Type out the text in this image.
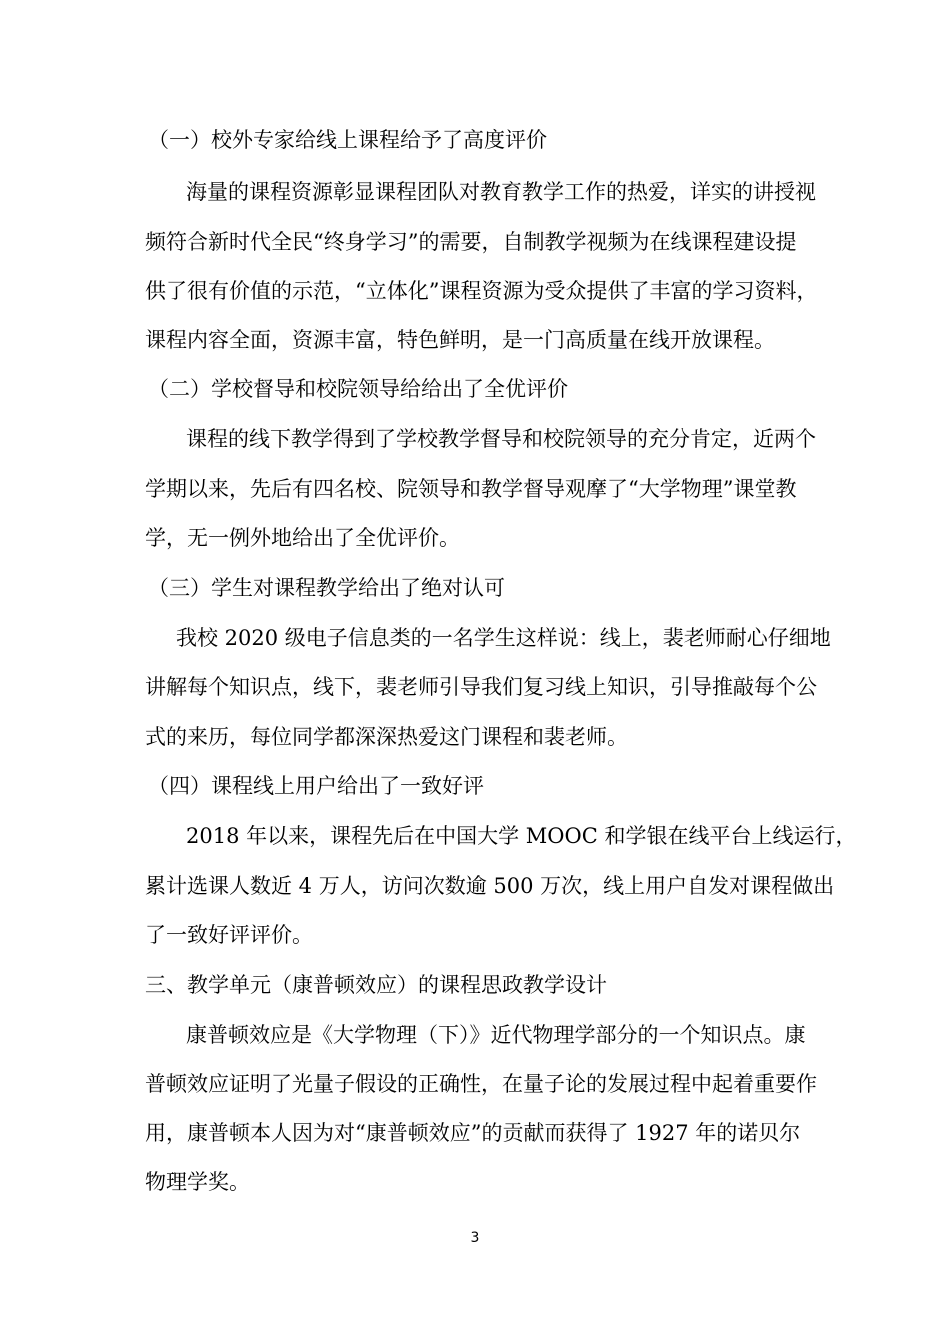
（一）校外专家给线上课程给予了高度评价
海量的课程资源彰显课程团队对教育教学工作的热爱，详实的讲授视
频符合新时代全民“终身学习”的需要，自制教学视频为在线课程建设提
供了很有价值的示范，“立体化”课程资源为受众提供了丰富的学习资料，
课程内容全面，资源丰富，特色鲜明，是一门高质量在线开放课程。
（二）学校督导和校院领导给给出了全优评价
课程的线下教学得到了学校教学督导和校院领导的充分肯定，近两个
学期以来，先后有四名校、院领导和教学督导观摩了“大学物理”课堂教
学，无一例外地给出了全优评价。
（三）学生对课程教学给出了绝对认可
我校 2020 级电子信息类的一名学生这样说：线上，裴老师耐心仔细地
讲解每个知识点，线下，裴老师引导我们复习线上知识，引导推敲每个公
式的来历，每位同学都深深热爱这门课程和裴老师。
（四）课程线上用户给出了一致好评
2018 年以来，课程先后在中国大学 MOOC 和学银在线平台上线运行，
累计选课人数近 4 万人，访问次数逾 500 万次，线上用户自发对课程做出
了一致好评评价。
三、教学单元（康普顿效应）的课程思政教学设计
康普顿效应是《大学物理（下）》近代物理学部分的一个知识点。康
普顿效应证明了光量子假设的正确性，在量子论的发展过程中起着重要作
用，康普顿本人因为对“康普顿效应”的贡献而获得了 1927 年的诺贝尔
物理学奖。
3
